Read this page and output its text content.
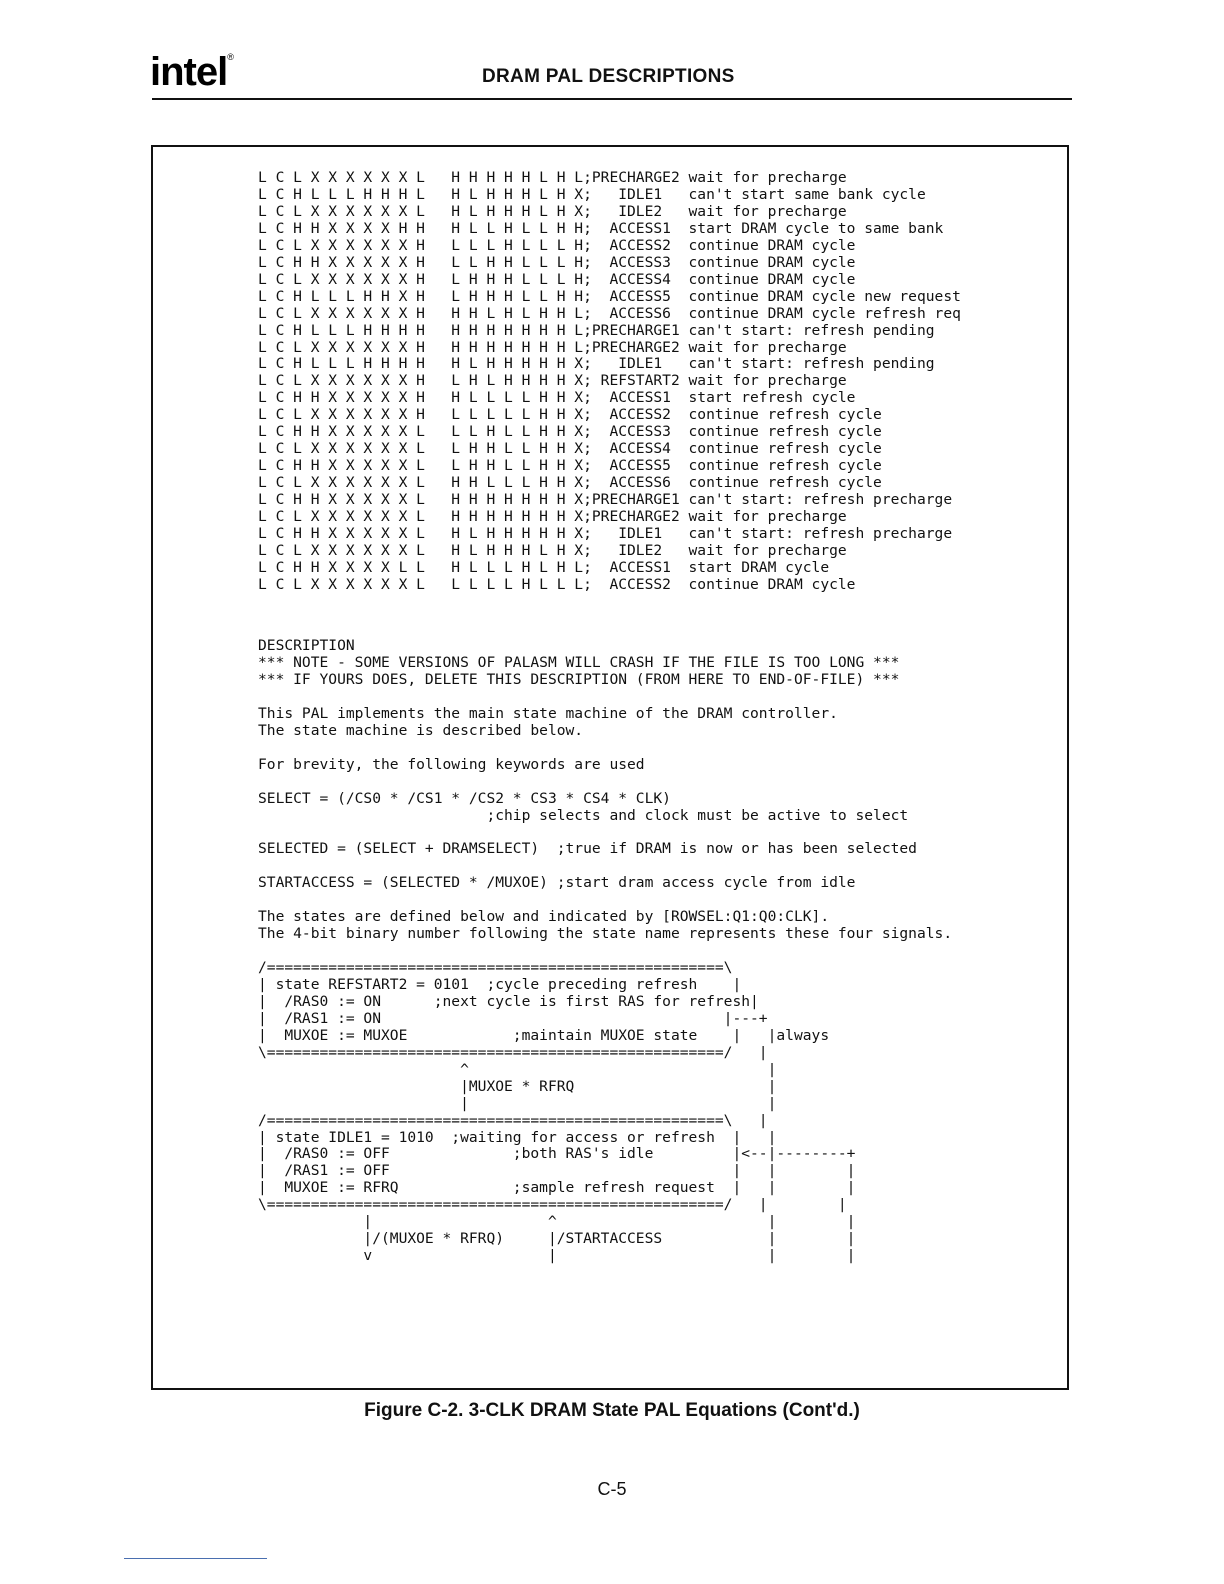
intel®
DRAM PAL DESCRIPTIONS
L C L X X X X X X L   H H H H H L H L;PRECHARGE2 wait for precharge
L C H L L L H H H L   H L H H H L H X;   IDLE1   can't start same bank cycle
L C L X X X X X X L   H L H H H L H X;   IDLE2   wait for precharge
L C H H X X X X H H   H L L H L L H H;  ACCESS1  start DRAM cycle to same bank
L C L X X X X X X H   L L L H L L L H;  ACCESS2  continue DRAM cycle
L C H H X X X X X H   L L H H L L L H;  ACCESS3  continue DRAM cycle
L C L X X X X X X H   L H H H L L L H;  ACCESS4  continue DRAM cycle
L C H L L L H H X H   L H H H L L H H;  ACCESS5  continue DRAM cycle new request
L C L X X X X X X H   H H L H L H H L;  ACCESS6  continue DRAM cycle refresh req
L C H L L L H H H H   H H H H H H H L;PRECHARGE1 can't start: refresh pending
L C L X X X X X X H   H H H H H H H L;PRECHARGE2 wait for precharge
L C H L L L H H H H   H L H H H H H X;   IDLE1   can't start: refresh pending
L C L X X X X X X H   L H L H H H H X; REFSTART2 wait for precharge
L C H H X X X X X H   H L L L L H H X;  ACCESS1  start refresh cycle
L C L X X X X X X H   L L L L L H H X;  ACCESS2  continue refresh cycle
L C H H X X X X X L   L L H L L H H X;  ACCESS3  continue refresh cycle
L C L X X X X X X L   L H H L L H H X;  ACCESS4  continue refresh cycle
L C H H X X X X X L   L H H L L H H X;  ACCESS5  continue refresh cycle
L C L X X X X X X L   H H L L L H H X;  ACCESS6  continue refresh cycle
L C H H X X X X X L   H H H H H H H X;PRECHARGE1 can't start: refresh precharge
L C L X X X X X X L   H H H H H H H X;PRECHARGE2 wait for precharge
L C H H X X X X X L   H L H H H H H X;   IDLE1   can't start: refresh precharge
L C L X X X X X X L   H L H H H L H X;   IDLE2   wait for precharge
L C H H X X X X L L   H L L L H L H L;  ACCESS1  start DRAM cycle
L C L X X X X X X L   L L L L H L L L;  ACCESS2  continue DRAM cycle
DESCRIPTION
*** NOTE - SOME VERSIONS OF PALASM WILL CRASH IF THE FILE IS TOO LONG ***
*** IF YOURS DOES, DELETE THIS DESCRIPTION (FROM HERE TO END-OF-FILE) ***

This PAL implements the main state machine of the DRAM controller.
The state machine is described below.

For brevity, the following keywords are used

SELECT = (/CS0 * /CS1 * /CS2 * CS3 * CS4 * CLK)
;chip selects and clock must be active to select

SELECTED = (SELECT + DRAMSELECT)  ;true if DRAM is now or has been selected

STARTACCESS = (SELECTED * /MUXOE) ;start dram access cycle from idle

The states are defined below and indicated by [ROWSEL:Q1:Q0:CLK].
The 4-bit binary number following the state name represents these four signals.
/====================================================\
| state REFSTART2 = 0101  ;cycle preceding refresh    |
|  /RAS0 := ON      ;next cycle is first RAS for refresh|
|  /RAS1 := ON                                       |---+
|  MUXOE := MUXOE            ;maintain MUXOE state    |   |always
\====================================================/   |
^                                  |
|MUXOE * RFRQ                      |
|                                  |
/====================================================\   |
| state IDLE1 = 1010  ;waiting for access or refresh  |   |
|  /RAS0 := OFF              ;both RAS's idle         |<--|--------+
|  /RAS1 := OFF                                       |   |        |
|  MUXOE := RFRQ             ;sample refresh request  |   |        |
\====================================================/   |        |
|                    ^                        |        |
|/(MUXOE * RFRQ)     |/STARTACCESS            |        |
v                    |                        |        |
Figure C-2. 3-CLK DRAM State PAL Equations (Cont'd.)
C-5
